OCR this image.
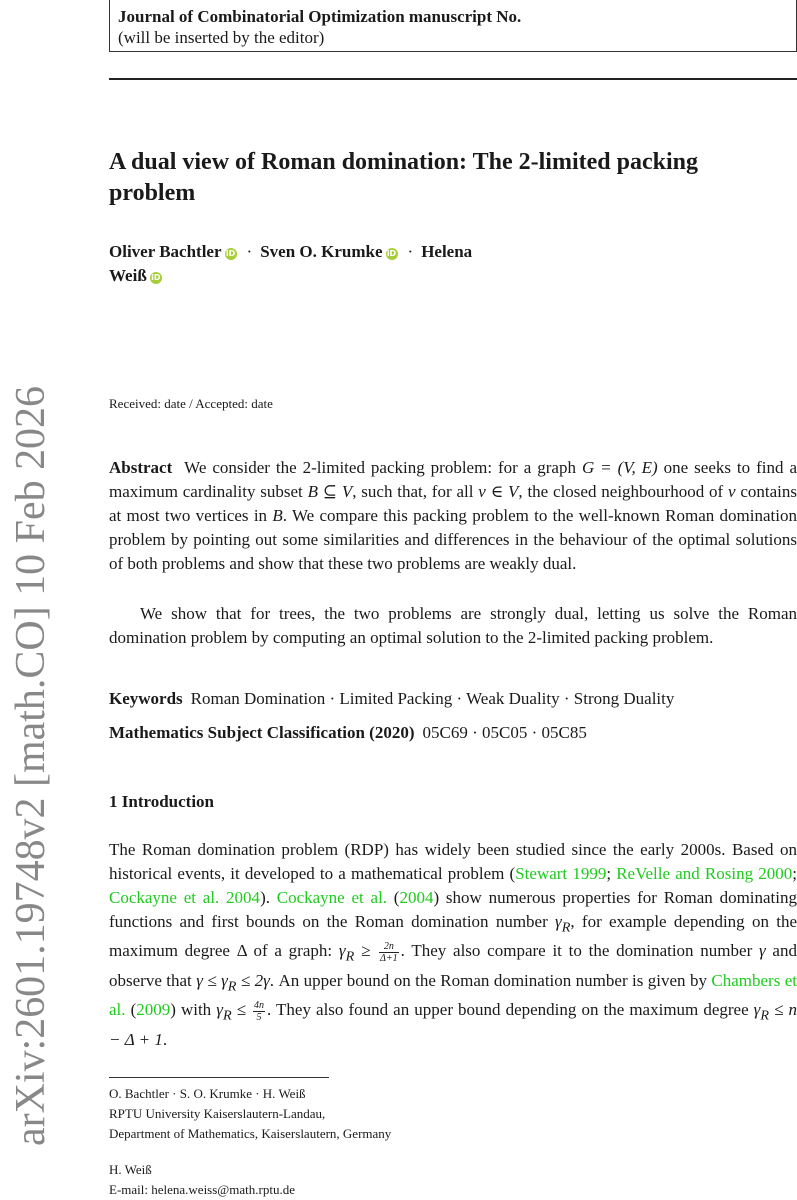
Journal of Combinatorial Optimization manuscript No.
(will be inserted by the editor)
A dual view of Roman domination: The 2-limited packing
problem
Oliver Bachtler iD · Sven O. Krumke iD · Helena
Weiß iD
Received: date / Accepted: date
Abstract We consider the 2-limited packing problem: for a graph G = (V, E) one seeks to find a maximum cardinality subset B ⊆ V, such that, for all v ∈ V, the closed neighbourhood of v contains at most two vertices in B. We compare this packing problem to the well-known Roman domination problem by pointing out some similarities and differences in the behaviour of the optimal solutions of both problems and show that these two problems are weakly dual.
We show that for trees, the two problems are strongly dual, letting us solve the Roman domination problem by computing an optimal solution to the 2-limited packing problem.
Keywords Roman Domination · Limited Packing · Weak Duality · Strong Duality
Mathematics Subject Classification (2020) 05C69 · 05C05 · 05C85
1 Introduction
The Roman domination problem (RDP) has widely been studied since the early 2000s. Based on historical events, it developed to a mathematical problem (Stewart 1999; ReVelle and Rosing 2000; Cockayne et al. 2004). Cockayne et al. (2004) show numerous properties for Roman dominating functions and first bounds on the Roman domination number $\gamma_R$, for example depending on the maximum degree Δ of a graph: $\gamma_R \ge \frac{2n}{\Delta+1}$ . They also compare it to the domination number γ and observe that $\gamma \le \gamma_R \le 2\gamma$. An upper bound on the Roman domination number is given by Chambers et al. (2009) with $\gamma_R \le \frac{4n}{5}$ . They also found an upper bound depending on the maximum degree $\gamma_R \le n - \Delta + 1$.
O. Bachtler · S. O. Krumke · H. Weiß
RPTU University Kaiserslautern-Landau,
Department of Mathematics, Kaiserslautern, Germany
H. Weiß
E-mail: helena.weiss@math.rptu.de
arXiv:2601.19748v2 [math.CO] 10 Feb 2026
